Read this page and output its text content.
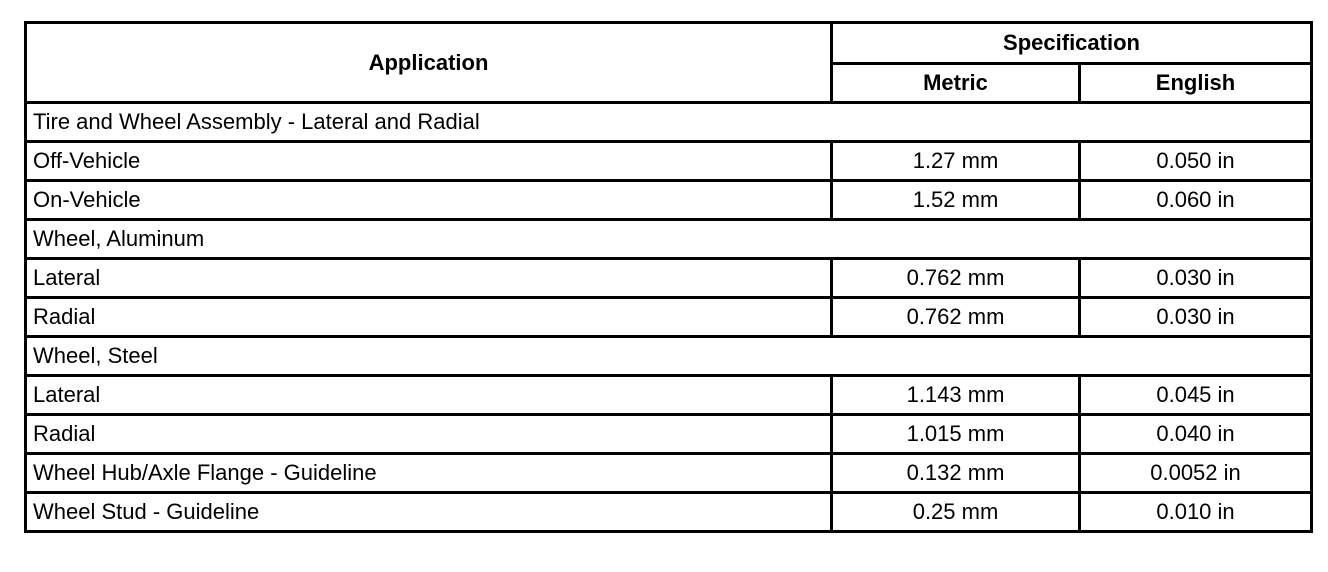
Application	Specification	
	Metric	English
Tire and Wheel Assembly - Lateral and Radial		
Off-Vehicle	1.27 mm	0.050 in
On-Vehicle	1.52 mm	0.060 in
Wheel, Aluminum		
Lateral	0.762 mm	0.030 in
Radial	0.762 mm	0.030 in
Wheel, Steel		
Lateral	1.143 mm	0.045 in
Radial	1.015 mm	0.040 in
Wheel Hub/Axle Flange - Guideline	0.132 mm	0.0052 in
Wheel Stud - Guideline	0.25 mm	0.010 in
